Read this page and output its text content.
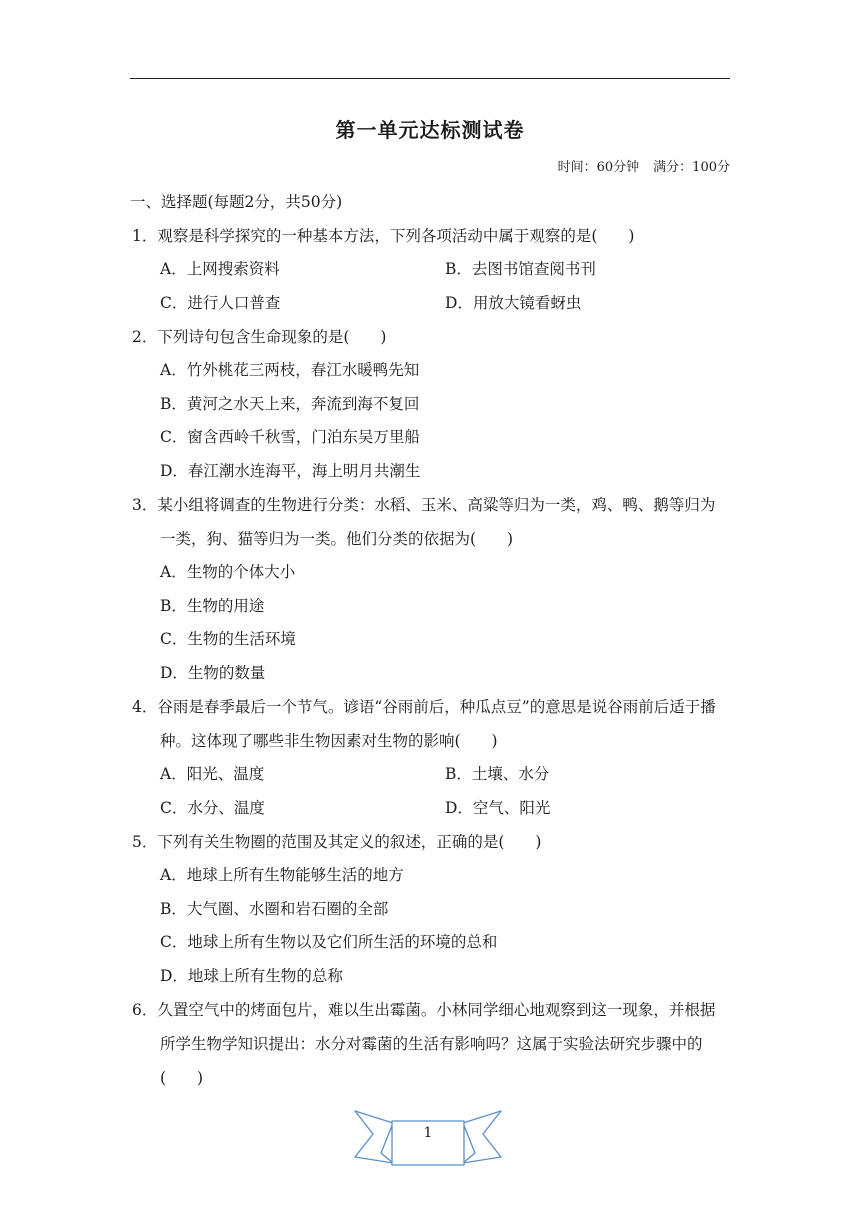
第一单元达标测试卷
时间：60分钟 满分：100分
一、选择题(每题2分，共50分)
1．观察是科学探究的一种基本方法，下列各项活动中属于观察的是(　　)
A．上网搜索资料	B．去图书馆查阅书刊
C．进行人口普查	D．用放大镜看蚜虫
2．下列诗句包含生命现象的是(　　)
A．竹外桃花三两枝，春江水暖鸭先知
B．黄河之水天上来，奔流到海不复回
C．窗含西岭千秋雪，门泊东吴万里船
D．春江潮水连海平，海上明月共潮生
3．某小组将调查的生物进行分类：水稻、玉米、高粱等归为一类，鸡、鸭、鹅等归为一类，狗、猫等归为一类。他们分类的依据为(　　)
A．生物的个体大小
B．生物的用途
C．生物的生活环境
D．生物的数量
4．谷雨是春季最后一个节气。谚语“谷雨前后，种瓜点豆”的意思是说谷雨前后适于播种。这体现了哪些非生物因素对生物的影响(　　)
A．阳光、温度	B．土壤、水分
C．水分、温度	D．空气、阳光
5．下列有关生物圈的范围及其定义的叙述，正确的是(　　)
A．地球上所有生物能够生活的地方
B．大气圈、水圈和岩石圈的全部
C．地球上所有生物以及它们所生活的环境的总和
D．地球上所有生物的总称
6．久置空气中的烤面包片，难以生出霉菌。小林同学细心地观察到这一现象，并根据所学生物学知识提出：水分对霉菌的生活有影响吗？这属于实验法研究步骤中的(　　)
1
